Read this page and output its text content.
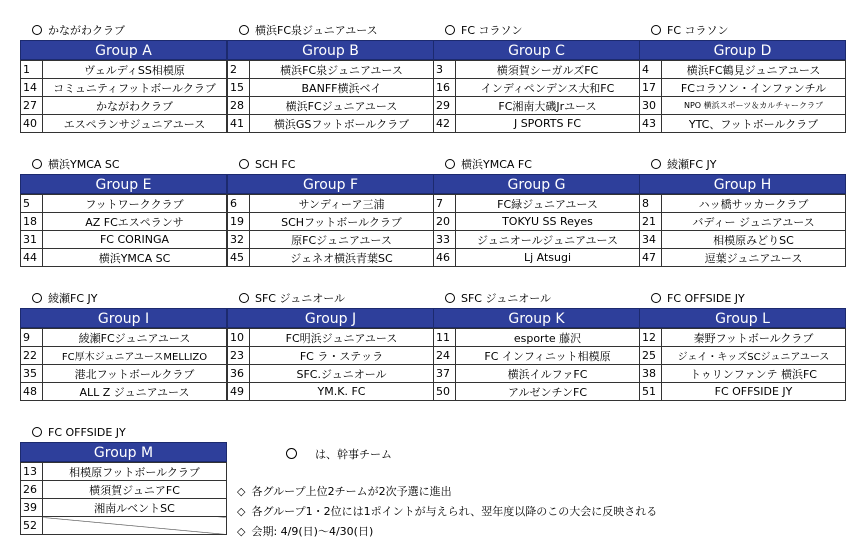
かながわクラブ
Group A
1	ヴェルディSS相模原
14	コミュニティフットボールクラブ
27	かながわクラブ
40	エスペランサジュニアユース
横浜FC泉ジュニアユース
Group B
2	横浜FC泉ジュニアユース
15	BANFF横浜ベイ
28	横浜FCジュニアユース
41	横浜GSフットボールクラブ
FC コラソン
Group C
3	横須賀シーガルズFC
16	インディペンデンス大和FC
29	FC湘南大磯Jrユース
42	J SPORTS FC
FC コラソン
Group D
4	横浜FC鶴見ジュニアユース
17	FCコラソン・インファンチル
30	NPO 横浜スポーツ＆カルチャークラブ
43	YTC、フットボールクラブ
横浜YMCA SC
Group E
5	フットワーククラブ
18	AZ FCエスペランサ
31	FC CORINGA
44	横浜YMCA SC
SCH FC
Group F
6	サンディーア三浦
19	SCHフットボールクラブ
32	原FCジュニアユース
45	ジェネオ横浜青葉SC
横浜YMCA FC
Group G
7	FC緑ジュニアユース
20	TOKYU SS Reyes
33	ジュニオールジュニアユース
46	Lj Atsugi
綾瀬FC JY
Group H
8	ハッ橋サッカークラブ
21	バディー ジュニアユース
34	相模原みどりSC
47	逗葉ジュニアユース
綾瀬FC JY
Group I
9	綾瀬FCジュニアユース
22	FC厚木ジュニアユースMELLIZO
35	港北フットボールクラブ
48	ALL Z ジュニアユース
SFC ジュニオール
Group J
10	FC明浜ジュニアユース
23	FC ラ・ステッラ
36	SFC.ジュニオール
49	YM.K. FC
SFC ジュニオール
Group K
11	esporte 藤沢
24	FC インフィニット相模原
37	横浜イルファFC
50	アルゼンチンFC
FC OFFSIDE JY
Group L
12	秦野フットボールクラブ
25	ジェイ・キッズSCジュニアユース
38	トゥリンファンテ 横浜FC
51	FC OFFSIDE JY
FC OFFSIDE JY
Group M
13	相模原フットボールクラブ
26	横須賀ジュニアFC
39	湘南ルベントSC
52	
は、幹事チーム
◇ 各グループ上位2チームが2次予選に進出
◇ 各グループ1・2位には1ポイントが与えられ、翌年度以降のこの大会に反映される
◇ 会期: 4/9(日)～4/30(日)
